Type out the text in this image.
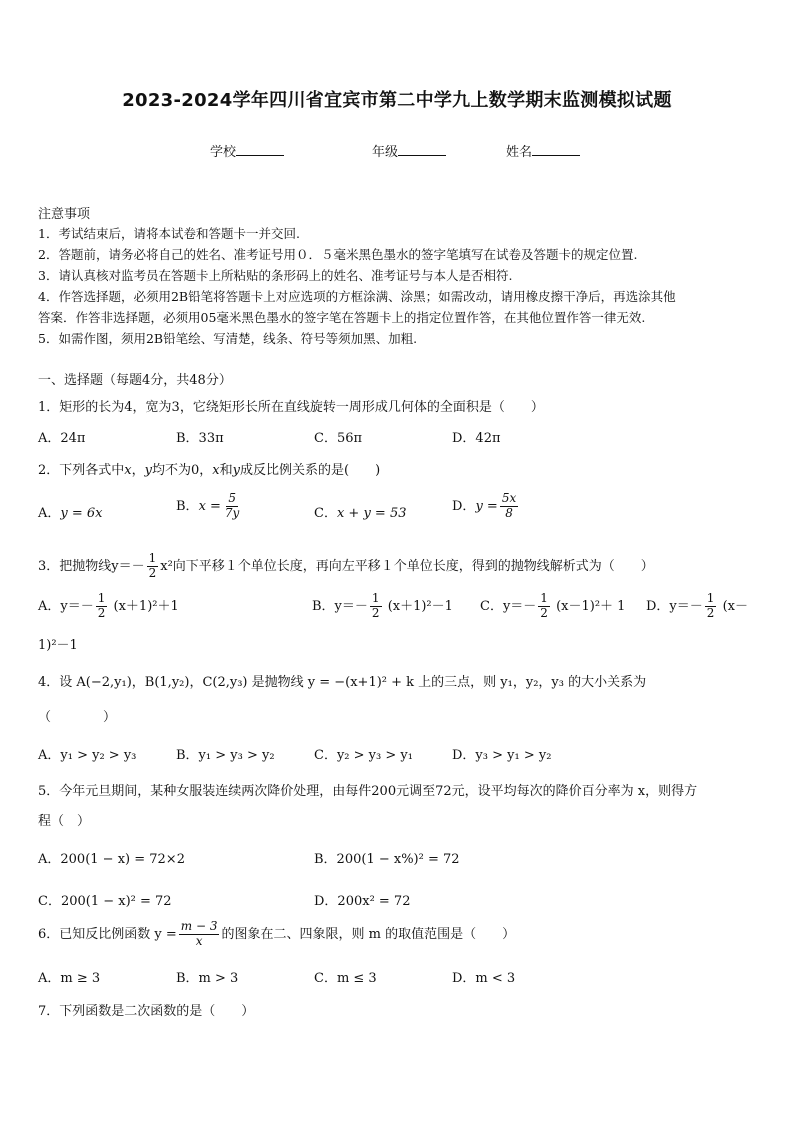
2023-2024学年四川省宜宾市第二中学九上数学期末监测模拟试题
学校	年级	姓名
注意事项
1．考试结束后，请将本试卷和答题卡一并交回.
2．答题前，请务必将自己的姓名、准考证号用０．５毫米黑色墨水的签字笔填写在试卷及答题卡的规定位置.
3．请认真核对监考员在答题卡上所粘贴的条形码上的姓名、准考证号与本人是否相符.
4．作答选择题，必须用2B铅笔将答题卡上对应选项的方框涂满、涂黑；如需改动，请用橡皮擦干净后，再选涂其他
答案．作答非选择题，必须用05毫米黑色墨水的签字笔在答题卡上的指定位置作答，在其他位置作答一律无效.
5．如需作图，须用2B铅笔绘、写清楚，线条、符号等须加黑、加粗.
一、选择题（每题4分，共48分）
1．矩形的长为4，宽为3，它绕矩形长所在直线旋转一周形成几何体的全面积是（　　）
A．24π	B．33π	C．56π	D．42π
2．下列各式中x，y均不为0，x和y成反比例关系的是(　　)
A．y = 6x	B．$x = \frac{5}{7y}$	C．x + y = 53	D．$y = \frac{5x}{8}$
3．把抛物线$y=- \frac{1}{2} x^2$向下平移１个单位长度，再向左平移１个单位长度，得到的抛物线解析式为（　　）
A．$y=- \frac{1}{2} (x+1)^2+1$	B．$y=- \frac{1}{2} (x+1)^2-1$ C．$y=- \frac{1}{2} (x-1)^2+ 1$ D．$y=- \frac{1}{2} (x-$
1)²－1
4．设 A(−2,y₁)，B(1,y₂)，C(2,y₃) 是抛物线 y = −(x+1)² + k 上的三点，则 y₁，y₂，y₃ 的大小关系为
（　　　　）
A．y₁ > y₂ > y₃	B．y₁ > y₃ > y₂	C．y₂ > y₃ > y₁	D．y₃ > y₁ > y₂
5．今年元旦期间，某种女服装连续两次降价处理，由每件200元调至72元，设平均每次的降价百分率为 x，则得方
程（　）
A．200(1 − x) = 72×2	B．200(1 − x%)² = 72
C．200(1 − x)² = 72	D．200x² = 72
6．已知反比例函数 $y = \frac{m - 3}{x}$ 的图象在二、四象限，则 m 的取值范围是（　　）
A．m ≥ 3	B．m > 3	C．m ≤ 3	D．m < 3
7．下列函数是二次函数的是（　　）
